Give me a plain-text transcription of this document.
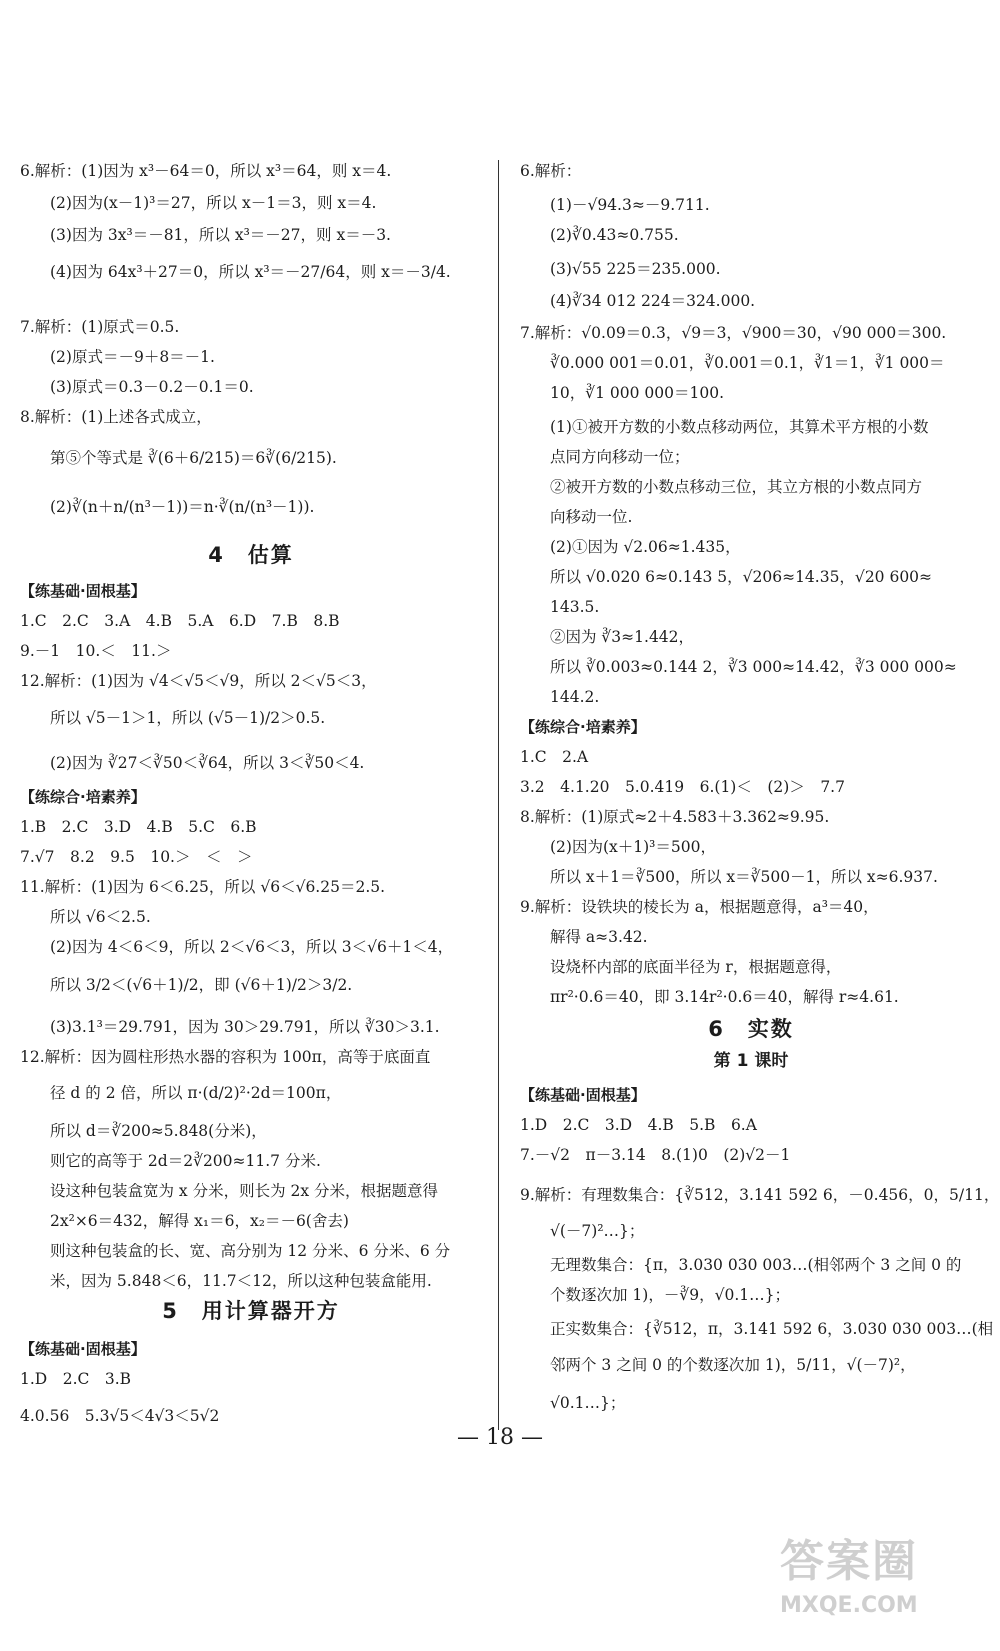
6.解析：(1)因为 x³－64＝0，所以 x³＝64，则 x＝4.
(2)因为(x－1)³＝27，所以 x－1＝3，则 x＝4.
(3)因为 3x³＝－81，所以 x³＝－27，则 x＝－3.
(4)因为 64x³＋27＝0，所以 x³＝－27/64，则 x＝－3/4.
7.解析：(1)原式＝0.5.
(2)原式＝－9＋8＝－1.
(3)原式＝0.3－0.2－0.1＝0.
8.解析：(1)上述各式成立，
第⑤个等式是 ∛(6＋6/215)＝6∛(6/215).
(2)∛(n＋n/(n³－1))＝n·∛(n/(n³－1)).
4　估算
【练基础·固根基】
1.C　2.C　3.A　4.B　5.A　6.D　7.B　8.B
9.－1　10.＜　11.＞
12.解析：(1)因为 √4＜√5＜√9，所以 2＜√5＜3，
所以 √5－1＞1，所以 (√5－1)/2＞0.5.
(2)因为 ∛27＜∛50＜∛64，所以 3＜∛50＜4.
【练综合·培素养】
1.B　2.C　3.D　4.B　5.C　6.B
7.√7　8.2　9.5　10.＞　＜　＞
11.解析：(1)因为 6＜6.25，所以 √6＜√6.25＝2.5.
所以 √6＜2.5.
(2)因为 4＜6＜9，所以 2＜√6＜3，所以 3＜√6＋1＜4，
所以 3/2＜(√6＋1)/2，即 (√6＋1)/2＞3/2.
(3)3.1³＝29.791，因为 30＞29.791，所以 ∛30＞3.1.
12.解析：因为圆柱形热水器的容积为 100π，高等于底面直
径 d 的 2 倍，所以 π·(d/2)²·2d＝100π，
所以 d＝∛200≈5.848(分米)，
则它的高等于 2d＝2∛200≈11.7 分米.
设这种包装盒宽为 x 分米，则长为 2x 分米，根据题意得
2x²×6＝432，解得 x₁＝6，x₂＝－6(舍去)
则这种包装盒的长、宽、高分别为 12 分米、6 分米、6 分
米，因为 5.848＜6，11.7＜12，所以这种包装盒能用.
5　用计算器开方
【练基础·固根基】
1.D　2.C　3.B
4.0.56　5.3√5＜4√3＜5√2
6.解析：
(1)－√94.3≈－9.711.
(2)∛0.43≈0.755.
(3)√55 225＝235.000.
(4)∛34 012 224＝324.000.
7.解析：√0.09＝0.3，√9＝3，√900＝30，√90 000＝300.
∛0.000 001＝0.01，∛0.001＝0.1，∛1＝1，∛1 000＝
10，∛1 000 000＝100.
(1)①被开方数的小数点移动两位，其算术平方根的小数
点同方向移动一位；
②被开方数的小数点移动三位，其立方根的小数点同方
向移动一位.
(2)①因为 √2.06≈1.435，
所以 √0.020 6≈0.143 5，√206≈14.35，√20 600≈
143.5.
②因为 ∛3≈1.442，
所以 ∛0.003≈0.144 2，∛3 000≈14.42，∛3 000 000≈
144.2.
【练综合·培素养】
1.C　2.A
3.2　4.1.20　5.0.419　6.(1)＜　(2)＞　7.7
8.解析：(1)原式≈2＋4.583＋3.362≈9.95.
(2)因为(x＋1)³＝500，
所以 x＋1＝∛500，所以 x＝∛500－1，所以 x≈6.937.
9.解析：设铁块的棱长为 a，根据题意得，a³＝40，
解得 a≈3.42.
设烧杯内部的底面半径为 r，根据题意得，
πr²·0.6＝40，即 3.14r²·0.6＝40，解得 r≈4.61.
6　实数
第 1 课时
【练基础·固根基】
1.D　2.C　3.D　4.B　5.B　6.A
7.－√2　π－3.14　8.(1)0　(2)√2－1
9.解析：有理数集合：{∛512，3.141 592 6，－0.456，0，5/11，
√(－7)²…}；
无理数集合：{π，3.030 030 003…(相邻两个 3 之间 0 的
个数逐次加 1)，－∛9，√0.1…}；
正实数集合：{∛512，π，3.141 592 6，3.030 030 003…(相
邻两个 3 之间 0 的个数逐次加 1)，5/11，√(－7)²，
√0.1…}；
— 18 —
答案圈
MXQE.COM
